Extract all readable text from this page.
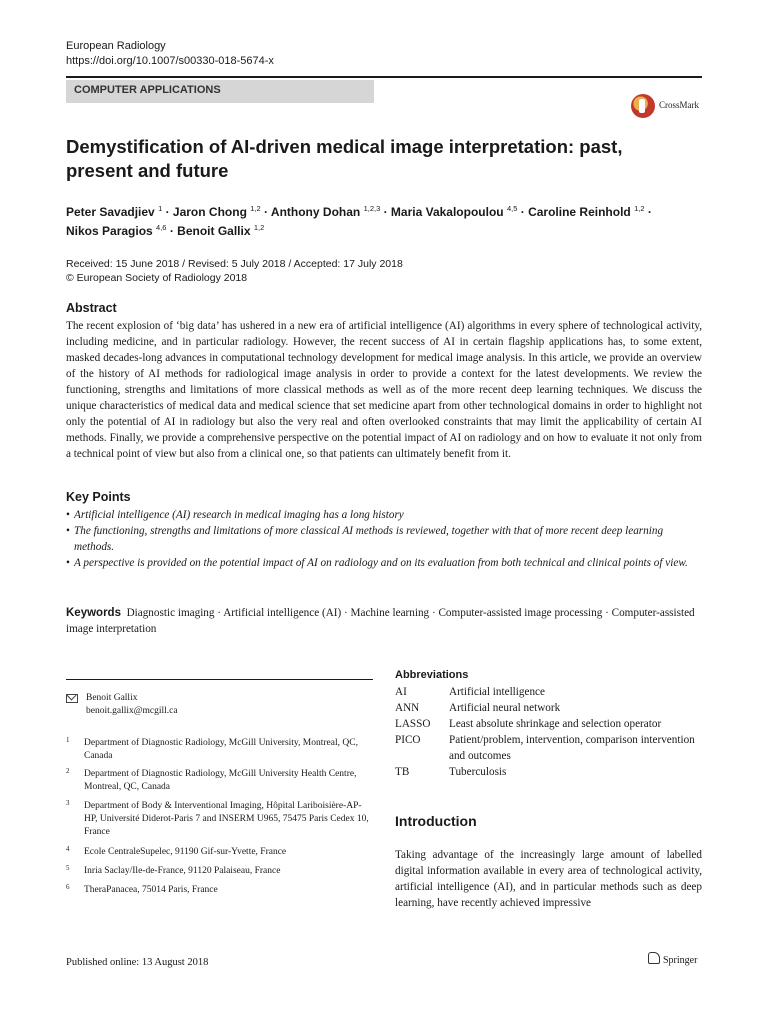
European Radiology
https://doi.org/10.1007/s00330-018-5674-x
COMPUTER APPLICATIONS
CrossMark
Demystification of AI-driven medical image interpretation: past, present and future
Peter Savadjiev $^1$ · Jaron Chong $^{1,2}$ · Anthony Dohan $^{1,2,3}$ · Maria Vakalopoulou $^{4,5}$ · Caroline Reinhold $^{1,2}$ · Nikos Paragios $^{4,6}$ · Benoit Gallix $^{1,2}$
Received: 15 June 2018 / Revised: 5 July 2018 / Accepted: 17 July 2018
© European Society of Radiology 2018
Abstract
The recent explosion of ‘big data’ has ushered in a new era of artificial intelligence (AI) algorithms in every sphere of technological activity, including medicine, and in particular radiology. However, the recent success of AI in certain flagship applications has, to some extent, masked decades-long advances in computational technology development for medical image analysis. In this article, we provide an overview of the history of AI methods for radiological image analysis in order to provide a context for the latest developments. We review the functioning, strengths and limitations of more classical methods as well as of the more recent deep learning techniques. We discuss the unique characteristics of medical data and medical science that set medicine apart from other technological domains in order to highlight not only the potential of AI in radiology but also the very real and often overlooked constraints that may limit the applicability of certain AI methods. Finally, we provide a comprehensive perspective on the potential impact of AI on radiology and on how to evaluate it not only from a technical point of view but also from a clinical one, so that patients can ultimately benefit from it.
Key Points
• Artificial intelligence (AI) research in medical imaging has a long history
• The functioning, strengths and limitations of more classical AI methods is reviewed, together with that of more recent deep learning methods.
• A perspective is provided on the potential impact of AI on radiology and on its evaluation from both technical and clinical points of view.
Keywords Diagnostic imaging · Artificial intelligence (AI) · Machine learning · Computer-assisted image processing · Computer-assisted image interpretation
Benoit Gallix
benoit.gallix@mcgill.ca
1 Department of Diagnostic Radiology, McGill University, Montreal, QC, Canada
2 Department of Diagnostic Radiology, McGill University Health Centre, Montreal, QC, Canada
3 Department of Body & Interventional Imaging, Hôpital Lariboisière-AP-HP, Université Diderot-Paris 7 and INSERM U965, 75475 Paris Cedex 10, France
4 Ecole CentraleSupelec, 91190 Gif-sur-Yvette, France
5 Inria Saclay/Ile-de-France, 91120 Palaiseau, France
6 TheraPanacea, 75014 Paris, France
Abbreviations
AI	Artificial intelligence
ANN	Artificial neural network
LASSO	Least absolute shrinkage and selection operator
PICO	Patient/problem, intervention, comparison intervention and outcomes
TB	Tuberculosis
Introduction
Taking advantage of the increasingly large amount of labelled digital information available in every area of technological activity, artificial intelligence (AI), and in particular methods such as deep learning, have recently achieved impressive
Published online: 13 August 2018	Springer
